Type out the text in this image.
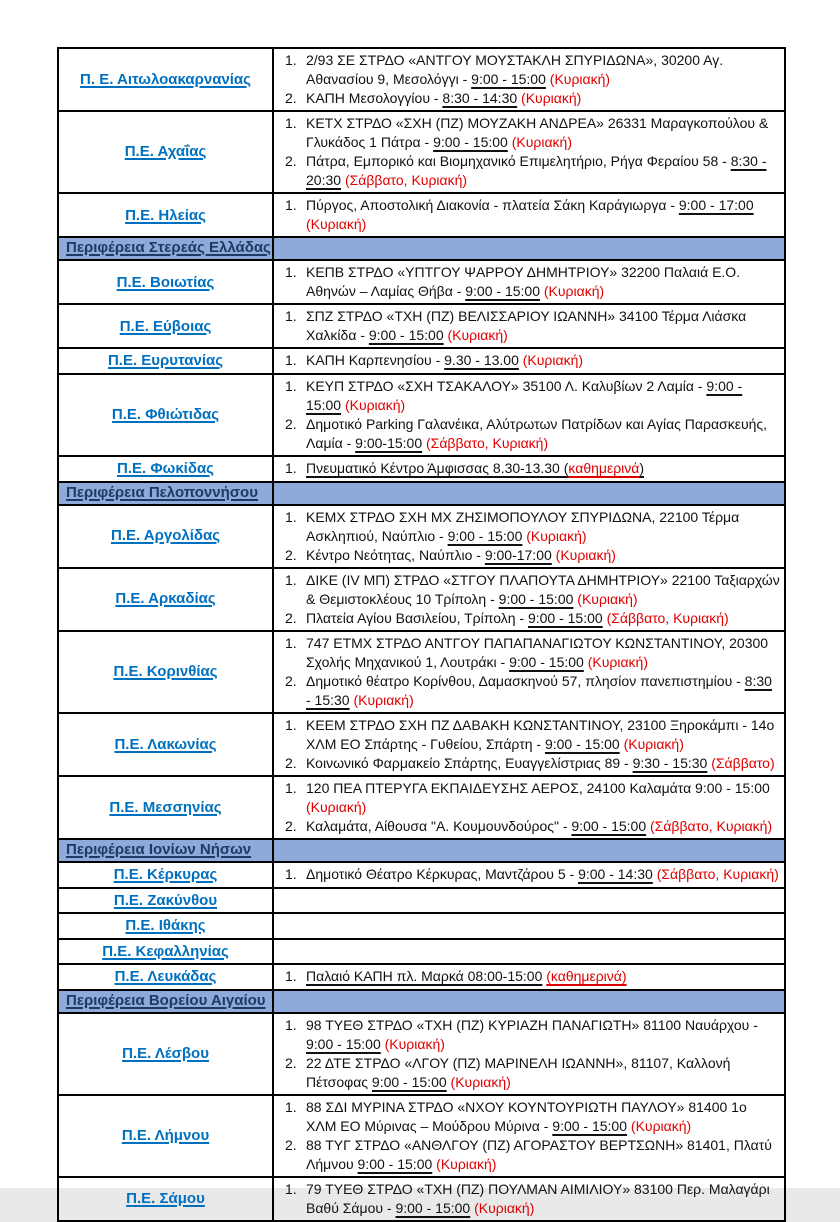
Π. Ε. Αιτωλοακαρνανίας	
1. 2/93 ΣΕ ΣΤΡΔΟ «ΑΝΤΓΟΥ ΜΟΥΣΤΑΚΛΗ ΣΠΥΡΙΔΩΝΑ», 30200 Αγ. Αθανασίου 9, Μεσολόγγι - 9:00 - 15:00 (Κυριακή)
2. ΚΑΠΗ Μεσολογγίου - 8:30 - 14:30 (Κυριακή)

Π.Ε. Αχαΐας	
1. ΚΕΤΧ ΣΤΡΔΟ «ΣΧΗ (ΠΖ) ΜΟΥΖΑΚΗ ΑΝΔΡΕΑ» 26331 Μαραγκοπούλου & Γλυκάδος 1 Πάτρα - 9:00 - 15:00 (Κυριακή)
2. Πάτρα, Εμπορικό και Βιομηχανικό Επιμελητήριο, Ρήγα Φεραίου 58 - 8:30 - 20:30 (Σάββατο, Κυριακή)

Π.Ε. Ηλείας	
1. Πύργος, Αποστολική Διακονία - πλατεία Σάκη Καράγιωργα - 9:00 - 17:00 (Κυριακή)

Περιφέρεια Στερεάς Ελλάδας	
Π.Ε. Βοιωτίας	
1. ΚΕΠΒ ΣΤΡΔΟ «ΥΠΤΓΟΥ ΨΑΡΡΟΥ ΔΗΜΗΤΡΙΟΥ» 32200 Παλαιά Ε.Ο. Αθηνών – Λαμίας Θήβα - 9:00 - 15:00 (Κυριακή)

Π.Ε. Εύβοιας	
1. ΣΠΖ ΣΤΡΔΟ «ΤΧΗ (ΠΖ) ΒΕΛΙΣΣΑΡΙΟΥ ΙΩΑΝΝΗ» 34100 Τέρμα Λιάσκα Χαλκίδα - 9:00 - 15:00 (Κυριακή)

Π.Ε. Ευρυτανίας	1. ΚΑΠΗ Καρπενησίου - 9.30 - 13.00 (Κυριακή)

Π.Ε. Φθιώτιδας	
1. ΚΕΥΠ ΣΤΡΔΟ «ΣΧΗ ΤΣΑΚΑΛΟΥ» 35100 Λ. Καλυβίων 2 Λαμία - 9:00 - 15:00 (Κυριακή)
2. Δημοτικό Parking Γαλανέικα, Αλύτρωτων Πατρίδων και Αγίας Παρασκευής, Λαμία - 9:00-15:00 (Σάββατο, Κυριακή)

Π.Ε. Φωκίδας	1. Πνευματικό Κέντρο Άμφισσας 8.30-13.30 (καθημερινά)

Περιφέρεια Πελοποννήσου	
Π.Ε. Αργολίδας	
1. ΚΕΜΧ ΣΤΡΔΟ ΣΧΗ ΜΧ ΖΗΣΙΜΟΠΟΥΛΟΥ ΣΠΥΡΙΔΩΝΑ, 22100 Τέρμα Ασκληπιού, Ναύπλιο - 9:00 - 15:00 (Κυριακή)
2. Κέντρο Νεότητας, Ναύπλιο - 9:00-17:00 (Κυριακή)

Π.Ε. Αρκαδίας	
1. ΔΙΚΕ (IV ΜΠ) ΣΤΡΔΟ «ΣΤΓΟΥ ΠΛΑΠΟΥΤΑ ΔΗΜΗΤΡΙΟΥ» 22100 Ταξιαρχών & Θεμιστοκλέους 10 Τρίπολη - 9:00 - 15:00 (Κυριακή)
2. Πλατεία Αγίου Βασιλείου, Τρίπολη - 9:00 - 15:00 (Σάββατο, Κυριακή)

Π.Ε. Κορινθίας	
1. 747 ΕΤΜΧ ΣΤΡΔΟ ΑΝΤΓΟΥ ΠΑΠΑΠΑΝΑΓΙΩΤΟΥ ΚΩΝΣΤΑΝΤΙΝΟΥ, 20300 Σχολής Μηχανικού 1, Λουτράκι - 9:00 - 15:00 (Κυριακή)
2. Δημοτικό θέατρο Κορίνθου, Δαμασκηνού 57, πλησίον πανεπιστημίου - 8:30 - 15:30 (Κυριακή)

Π.Ε. Λακωνίας	
1. ΚΕΕΜ ΣΤΡΔΟ ΣΧΗ ΠΖ ΔΑΒΑΚΗ ΚΩΝΣΤΑΝΤΙΝΟΥ, 23100 Ξηροκάμπι - 14ο ΧΛΜ ΕΟ Σπάρτης - Γυθείου, Σπάρτη - 9:00 - 15:00 (Κυριακή)
2. Κοινωνικό Φαρμακείο Σπάρτης, Ευαγγελίστριας 89 - 9:30 - 15:30 (Σάββατο)

Π.Ε. Μεσσηνίας	
1. 120 ΠΕΑ ΠΤΕΡΥΓΑ ΕΚΠΑΙΔΕΥΣΗΣ ΑΕΡΟΣ, 24100 Καλαμάτα 9:00 - 15:00 (Κυριακή)
2. Καλαμάτα, Αίθουσα "Α. Κουμουνδούρος" - 9:00 - 15:00 (Σάββατο, Κυριακή)

Περιφέρεια Ιονίων Νήσων	
Π.Ε. Κέρκυρας	1. Δημοτικό Θέατρο Κέρκυρας, Μαντζάρου 5 - 9:00 - 14:30 (Σάββατο, Κυριακή)

Π.Ε. Ζακύνθου	
Π.Ε. Ιθάκης	
Π.Ε. Κεφαλληνίας	
Π.Ε. Λευκάδας	1. Παλαιό ΚΑΠΗ πλ. Μαρκά 08:00-15:00 (καθημερινά)

Περιφέρεια Βορείου Αιγαίου	
Π.Ε. Λέσβου	
1. 98 ΤΥΕΘ ΣΤΡΔΟ «ΤΧΗ (ΠΖ) ΚΥΡΙΑΖΗ ΠΑΝΑΓΙΩΤΗ» 81100 Ναυάρχου - 9:00 - 15:00 (Κυριακή)
2. 22 ΔΤΕ ΣΤΡΔΟ «ΛΓΟΥ (ΠΖ) ΜΑΡΙΝΕΛΗ ΙΩΑΝΝΗ», 81107, Καλλονή Πέτσοφας 9:00 - 15:00 (Κυριακή)

Π.Ε. Λήμνου	
1. 88 ΣΔΙ ΜΥΡΙΝΑ ΣΤΡΔΟ «ΝΧΟΥ ΚΟΥΝΤΟΥΡΙΩΤΗ ΠΑΥΛΟΥ» 81400 1ο ΧΛΜ ΕΟ Μύρινας – Μούδρου Μύρινα - 9:00 - 15:00 (Κυριακή)
2. 88 ΤΥΓ ΣΤΡΔΟ «ΑΝΘΛΓΟΥ (ΠΖ) ΑΓΟΡΑΣΤΟΥ ΒΕΡΤΣΩΝΗ» 81401, Πλατύ Λήμνου 9:00 - 15:00 (Κυριακή)

Π.Ε. Σάμου	
1. 79 ΤΥΕΘ ΣΤΡΔΟ «ΤΧΗ (ΠΖ) ΠΟΥΛΜΑΝ ΑΙΜΙΛΙΟΥ» 83100 Περ. Μαλαγάρι Βαθύ Σάμου - 9:00 - 15:00 (Κυριακή)
